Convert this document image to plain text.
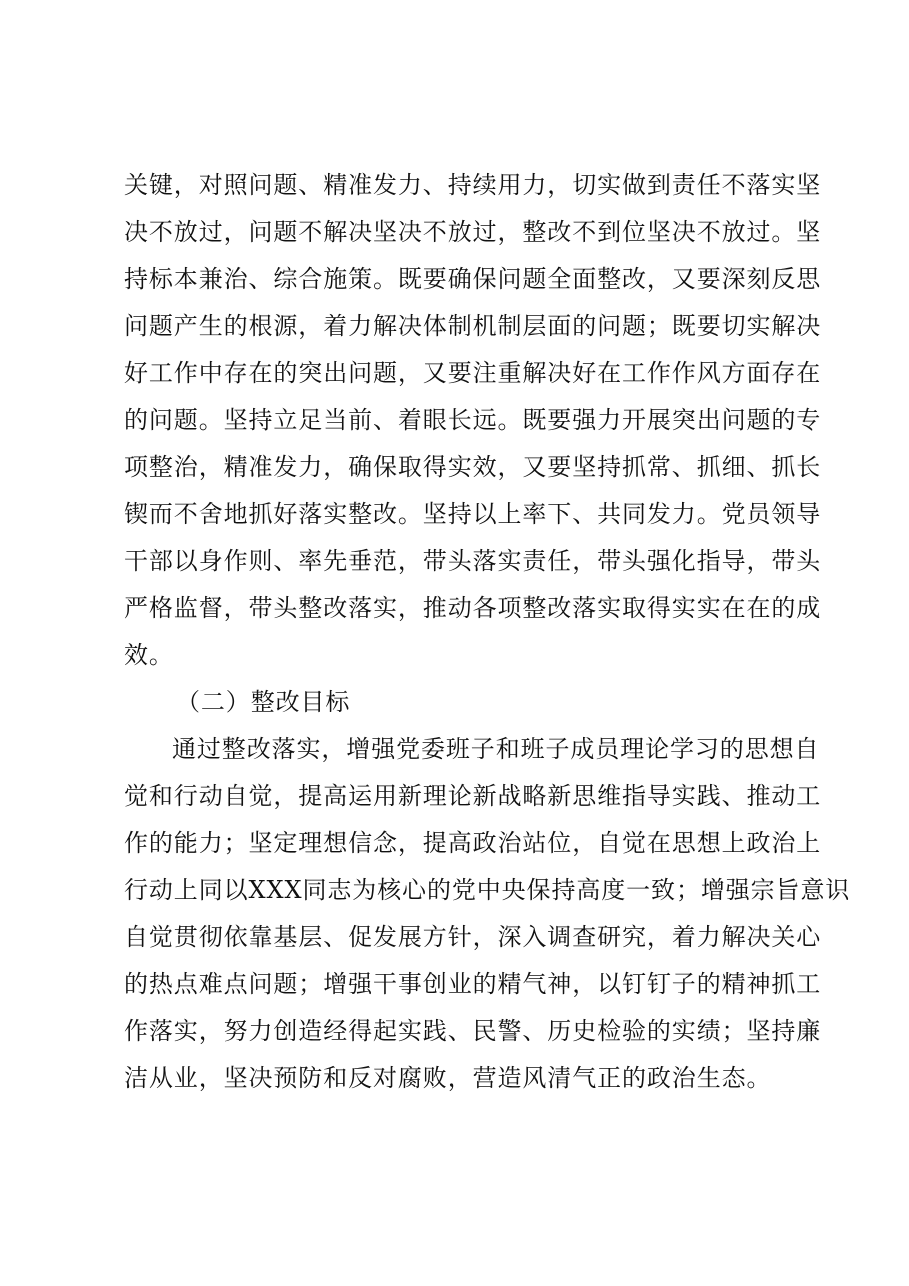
关键，对照问题、精准发力、持续用力，切实做到责任不落实坚
决不放过，问题不解决坚决不放过，整改不到位坚决不放过。坚
持标本兼治、综合施策。既要确保问题全面整改，又要深刻反思
问题产生的根源，着力解决体制机制层面的问题；既要切实解决
好工作中存在的突出问题，又要注重解决好在工作作风方面存在
的问题。坚持立足当前、着眼长远。既要强力开展突出问题的专
项整治，精准发力，确保取得实效，又要坚持抓常、抓细、抓长
锲而不舍地抓好落实整改。坚持以上率下、共同发力。党员领导
干部以身作则、率先垂范，带头落实责任，带头强化指导，带头
严格监督，带头整改落实，推动各项整改落实取得实实在在的成
效。
（二）整改目标
通过整改落实，增强党委班子和班子成员理论学习的思想自
觉和行动自觉，提高运用新理论新战略新思维指导实践、推动工
作的能力；坚定理想信念，提高政治站位，自觉在思想上政治上
行动上同以XXX同志为核心的党中央保持高度一致；增强宗旨意识
自觉贯彻依靠基层、促发展方针，深入调查研究，着力解决关心
的热点难点问题；增强干事创业的精气神，以钉钉子的精神抓工
作落实，努力创造经得起实践、民警、历史检验的实绩；坚持廉
洁从业，坚决预防和反对腐败，营造风清气正的政治生态。
